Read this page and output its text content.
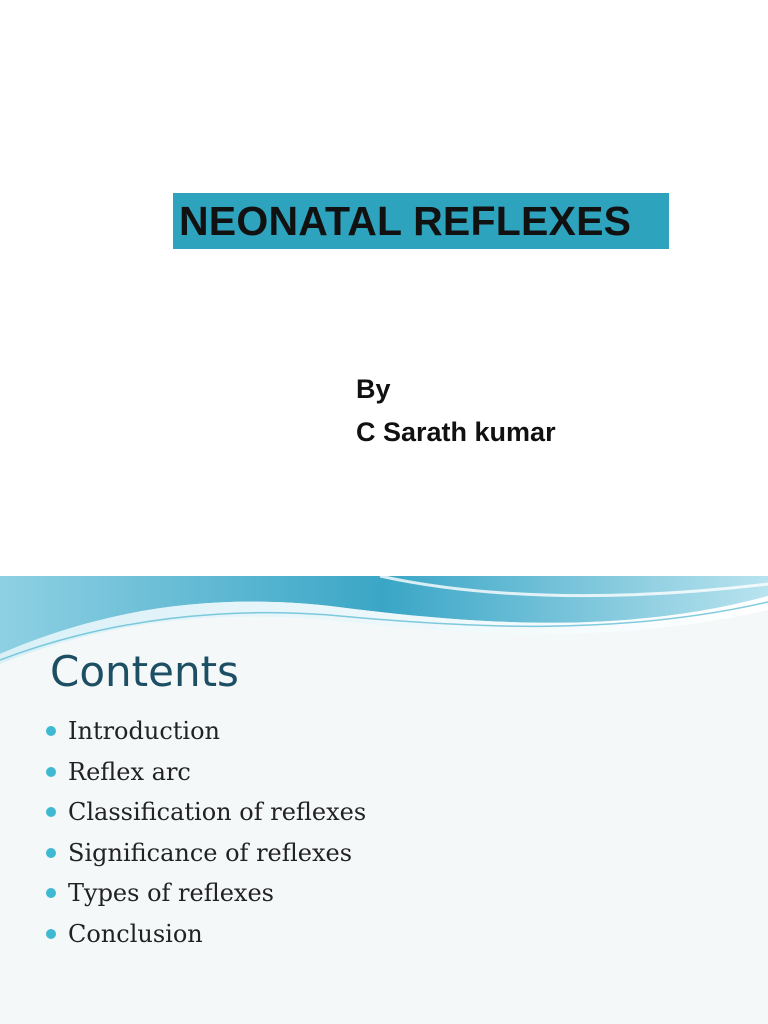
NEONATAL REFLEXES
By
C Sarath kumar
Contents
Introduction
Reflex arc
Classification of reflexes
Significance of reflexes
Types of reflexes
Conclusion
